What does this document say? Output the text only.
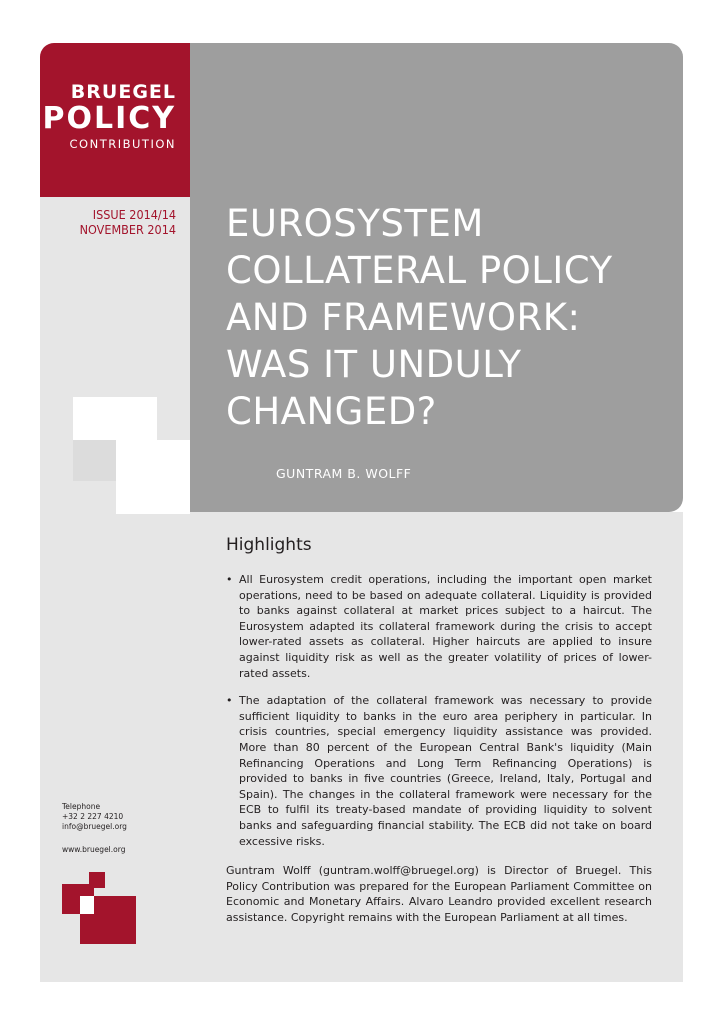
BRUEGEL
POLICY
CONTRIBUTION
ISSUE 2014/14
NOVEMBER 2014 EUROSYSTEM
COLLATERAL POLICY
AND FRAMEWORK:
WAS IT UNDULY
CHANGED?
GUNTRAM B. WOLFF
Telephone
+32 2 227 4210
info@bruegel.org
www.bruegel.org
Highlights
• All Eurosystem credit operations, including the important open market operations, need to be based on adequate collateral. Liquidity is provided to banks against collateral at market prices subject to a haircut. The Eurosystem adapted its collateral framework during the crisis to accept lower-rated assets as collateral. Higher haircuts are applied to insure against liquidity risk as well as the greater volatility of prices of lower-rated assets.
• The adaptation of the collateral framework was necessary to provide sufficient liquidity to banks in the euro area periphery in particular. In crisis countries, special emergency liquidity assistance was provided. More than 80 percent of the European Central Bank's liquidity (Main Refinancing Operations and Long Term Refinancing Operations) is provided to banks in five countries (Greece, Ireland, Italy, Portugal and Spain). The changes in the collateral framework were necessary for the ECB to fulfil its treaty-based mandate of providing liquidity to solvent banks and safeguarding financial stability. The ECB did not take on board excessive risks.

Guntram Wolff (guntram.wolff@bruegel.org) is Director of Bruegel. This Policy Contribution was prepared for the European Parliament Committee on Economic and Monetary Affairs. Alvaro Leandro provided excellent research assistance. Copyright remains with the European Parliament at all times.
